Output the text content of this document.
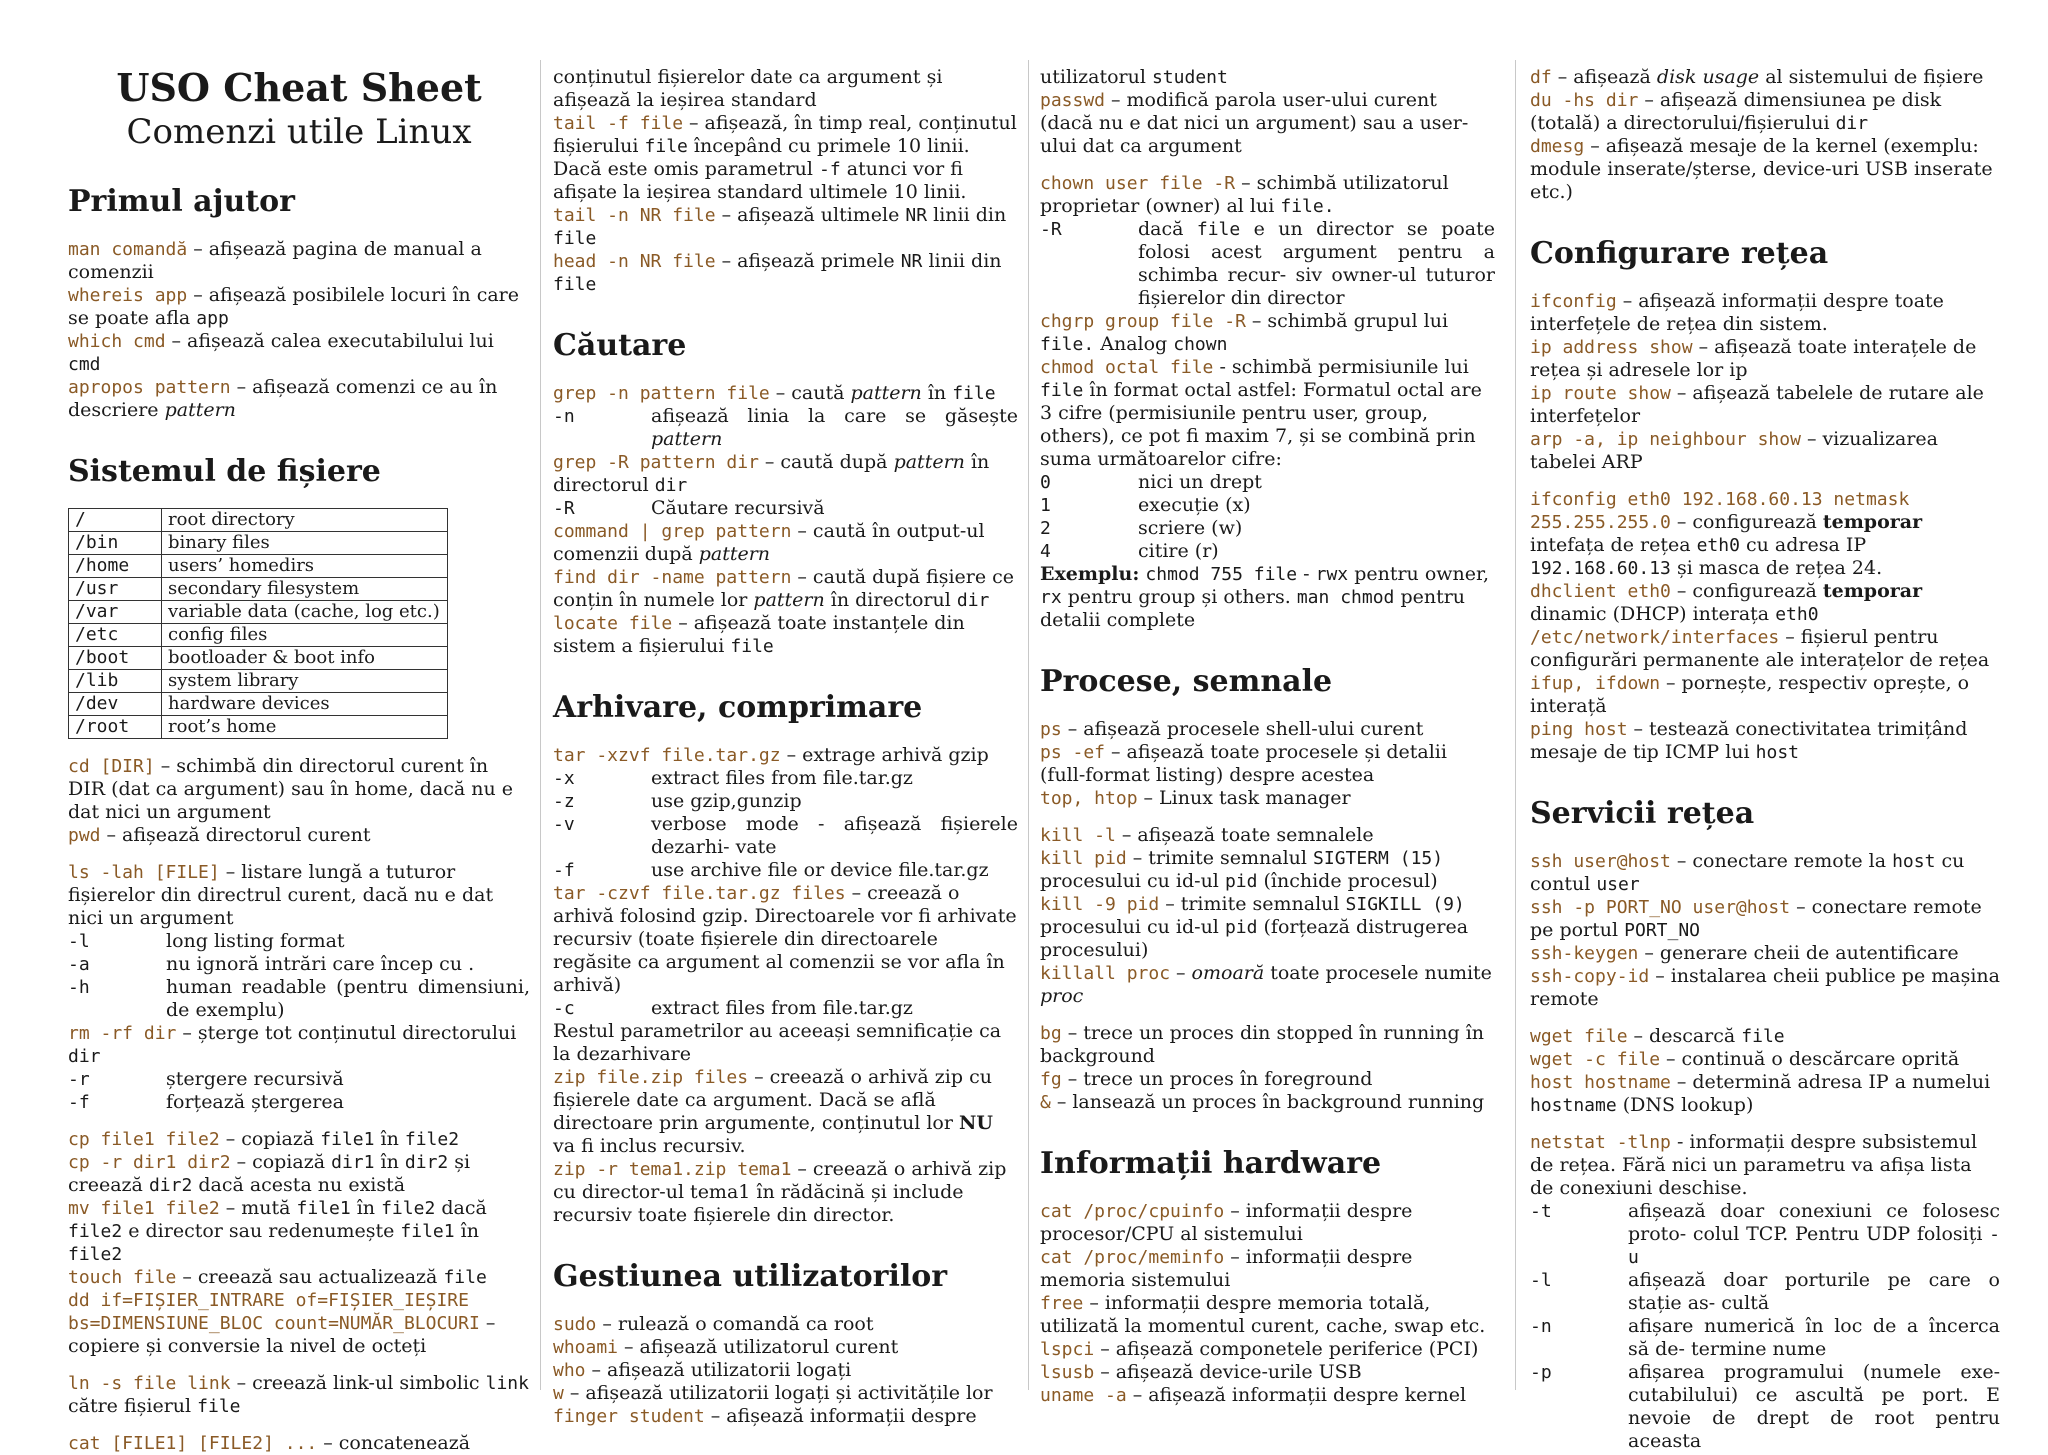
USO Cheat Sheet
Comenzi utile Linux
Primul ajutor

man comandă – afișează pagina de manual a comenzii

whereis app – afișează posibilele locuri în care se poate afla app

which cmd – afișează calea executabilului lui cmd

apropos pattern – afișează comenzi ce au în descriere pattern

Sistemul de fișiere
/	root directory
/bin	binary files
/home	users’ homedirs
/usr	secondary filesystem
/var	variable data (cache, log etc.)
/etc	config files
/boot	bootloader & boot info
/lib	system library
/dev	hardware devices
/root	root’s home

cd [DIR] – schimbă din directorul curent în DIR (dat ca argument) sau în home, dacă nu e dat nici un argument

pwd – afișează directorul curent

ls -lah [FILE] – listare lungă a tuturor fișierelor din directrul curent, dacă nu e dat nici un argument

-l	long listing format
-a	nu ignoră intrări care încep cu .
-h	human readable (pentru dimensiuni, de exemplu)

rm -rf dir – șterge tot conținutul directorului dir

-r	ștergere recursivă
-f	forțează ștergerea

cp file1 file2 – copiază file1 în file2

cp -r dir1 dir2 – copiază dir1 în dir2 și creează dir2 dacă acesta nu există

mv file1 file2 – mută file1 în file2 dacă file2 e director sau redenumește file1 în file2

touch file – creează sau actualizează file

dd if=FIȘIER_INTRARE of=FIȘIER_IEȘIRE bs=DIMENSIUNE_BLOC count=NUMĂR_BLOCURI –copiere și conversie la nivel de octeți

ln -s file link – creează link-ul simbolic link către fișierul file

cat [FILE1] [FILE2] ... – concatenează

conținutul fișierelor date ca argument și afișează la ieșirea standard

tail -f file – afișează, în timp real, conținutul fișierului file începând cu primele 10 linii. Dacă este omis parametrul -f atunci vor fi afișate la ieșirea standard ultimele 10 linii.

tail -n NR file – afișează ultimele NR linii din file

head -n NR file – afișează primele NR linii din file

Căutare

grep -n pattern file – caută pattern în file

-n	afișează linia la care se găsește pattern

grep -R pattern dir – caută după pattern în directorul dir

-R	Căutare recursivă

command | grep pattern – caută în output-ul comenzii după pattern

find dir -name pattern – caută după fișiere ce conțin în numele lor pattern în directorul dir

locate file – afișează toate instanțele din sistem a fișierului file

Arhivare, comprimare

tar -xzvf file.tar.gz – extrage arhivă gzip

-x	extract files from file.tar.gz
-z	use gzip,gunzip
-v	verbose mode - afișează fișierele dezarhi- vate
-f	use archive file or device file.tar.gz

tar -czvf file.tar.gz files – creează o arhivă folosind gzip. Directoarele vor fi arhivate recursiv (toate fișierele din directoarele regăsite ca argument al comenzii se vor afla în arhivă)

-c	extract files from file.tar.gz

Restul parametrilor au aceeași semnificație ca la dezarhivare

zip file.zip files – creează o arhivă zip cu fișierele date ca argument. Dacă se află directoare prin argumente, conținutul lor NU va fi inclus recursiv.

zip -r tema1.zip tema1 – creează o arhivă zip cu director-ul tema1 în rădăcină și include recursiv toate fișierele din director.

Gestiunea utilizatorilor

sudo – rulează o comandă ca root

whoami – afișează utilizatorul curent

who – afișează utilizatorii logați

w – afișează utilizatorii logați și activitățile lor

finger student – afișează informații despre

utilizatorul student

passwd – modifică parola user-ului curent (dacă nu e dat nici un argument) sau a user-ului dat ca argument

chown user file -R – schimbă utilizatorul proprietar (owner) al lui file.

-R	dacă file e un director se poate folosi acest argument pentru a schimba recur- siv owner-ul tuturor fișierelor din director

chgrp group file -R – schimbă grupul lui file. Analog chown

chmod octal file - schimbă permisiunile lui file în format octal astfel: Formatul octal are 3 cifre (permisiunile pentru user, group, others), ce pot fi maxim 7, și se combină prin suma următoarelor cifre:

0	nici un drept
1	execuție (x)
2	scriere (w)
4	citire (r)

Exemplu: chmod 755 file - rwx pentru owner, rx pentru group și others. man chmod pentru detalii complete

Procese, semnale

ps – afișează procesele shell-ului curent

ps -ef – afișează toate procesele și detalii (full-format listing) despre acestea

top, htop – Linux task manager

kill -l – afișează toate semnalele

kill pid – trimite semnalul SIGTERM (15) procesului cu id-ul pid (închide procesul)

kill -9 pid – trimite semnalul SIGKILL (9) procesului cu id-ul pid (forțează distrugerea procesului)

killall proc – omoară toate procesele numite proc

bg – trece un proces din stopped în running în background

fg – trece un proces în foreground

& – lansează un proces în background running

Informații hardware

cat /proc/cpuinfo – informații despre procesor/CPU al sistemului

cat /proc/meminfo – informații despre memoria sistemului

free – informații despre memoria totală, utilizată la momentul curent, cache, swap etc.

lspci – afișează componetele periferice (PCI)

lsusb – afișează device-urile USB

uname -a – afișează informații despre kernel

df – afișează disk usage al sistemului de fișiere

du -hs dir – afișează dimensiunea pe disk (totală) a directorului/fișierului dir

dmesg – afișează mesaje de la kernel (exemplu: module inserate/șterse, device-uri USB inserate etc.)

Configurare rețea

ifconfig – afișează informații despre toate interfețele de rețea din sistem.

ip address show – afișează toate interațele de rețea și adresele lor ip

ip route show – afișează tabelele de rutare ale interfețelor

arp -a, ip neighbour show – vizualizarea tabelei ARP

ifconfig eth0 192.168.60.13 netmask 255.255.255.0 – configurează temporar intefața de rețea eth0 cu adresa IP 192.168.60.13 și masca de rețea 24.

dhclient eth0 – configurează temporar dinamic (DHCP) interața eth0

/etc/network/interfaces – fișierul pentru configurări permanente ale interațelor de rețea

ifup, ifdown – pornește, respectiv oprește, o interață

ping host – testează conectivitatea trimițând mesaje de tip ICMP lui host

Servicii rețea

ssh user@host – conectare remote la host cu contul user

ssh -p PORT_NO user@host – conectare remote pe portul PORT_NO

ssh-keygen – generare cheii de autentificare

ssh-copy-id – instalarea cheii publice pe mașina remote

wget file – descarcă file

wget -c file – continuă o descărcare oprită

host hostname – determină adresa IP a numelui hostname (DNS lookup)

netstat -tlnp - informații despre subsistemul de rețea. Fără nici un parametru va afișa lista de conexiuni deschise.

-t	afișează doar conexiuni ce folosesc proto- colul TCP. Pentru UDP folosiți -u
-l	afișează doar porturile pe care o stație as- cultă
-n	afișare numerică în loc de a încerca să de- termine nume
-p	afișarea programului (numele exe- cutabilului) ce ascultă pe port. E nevoie de drept de root pentru aceasta
